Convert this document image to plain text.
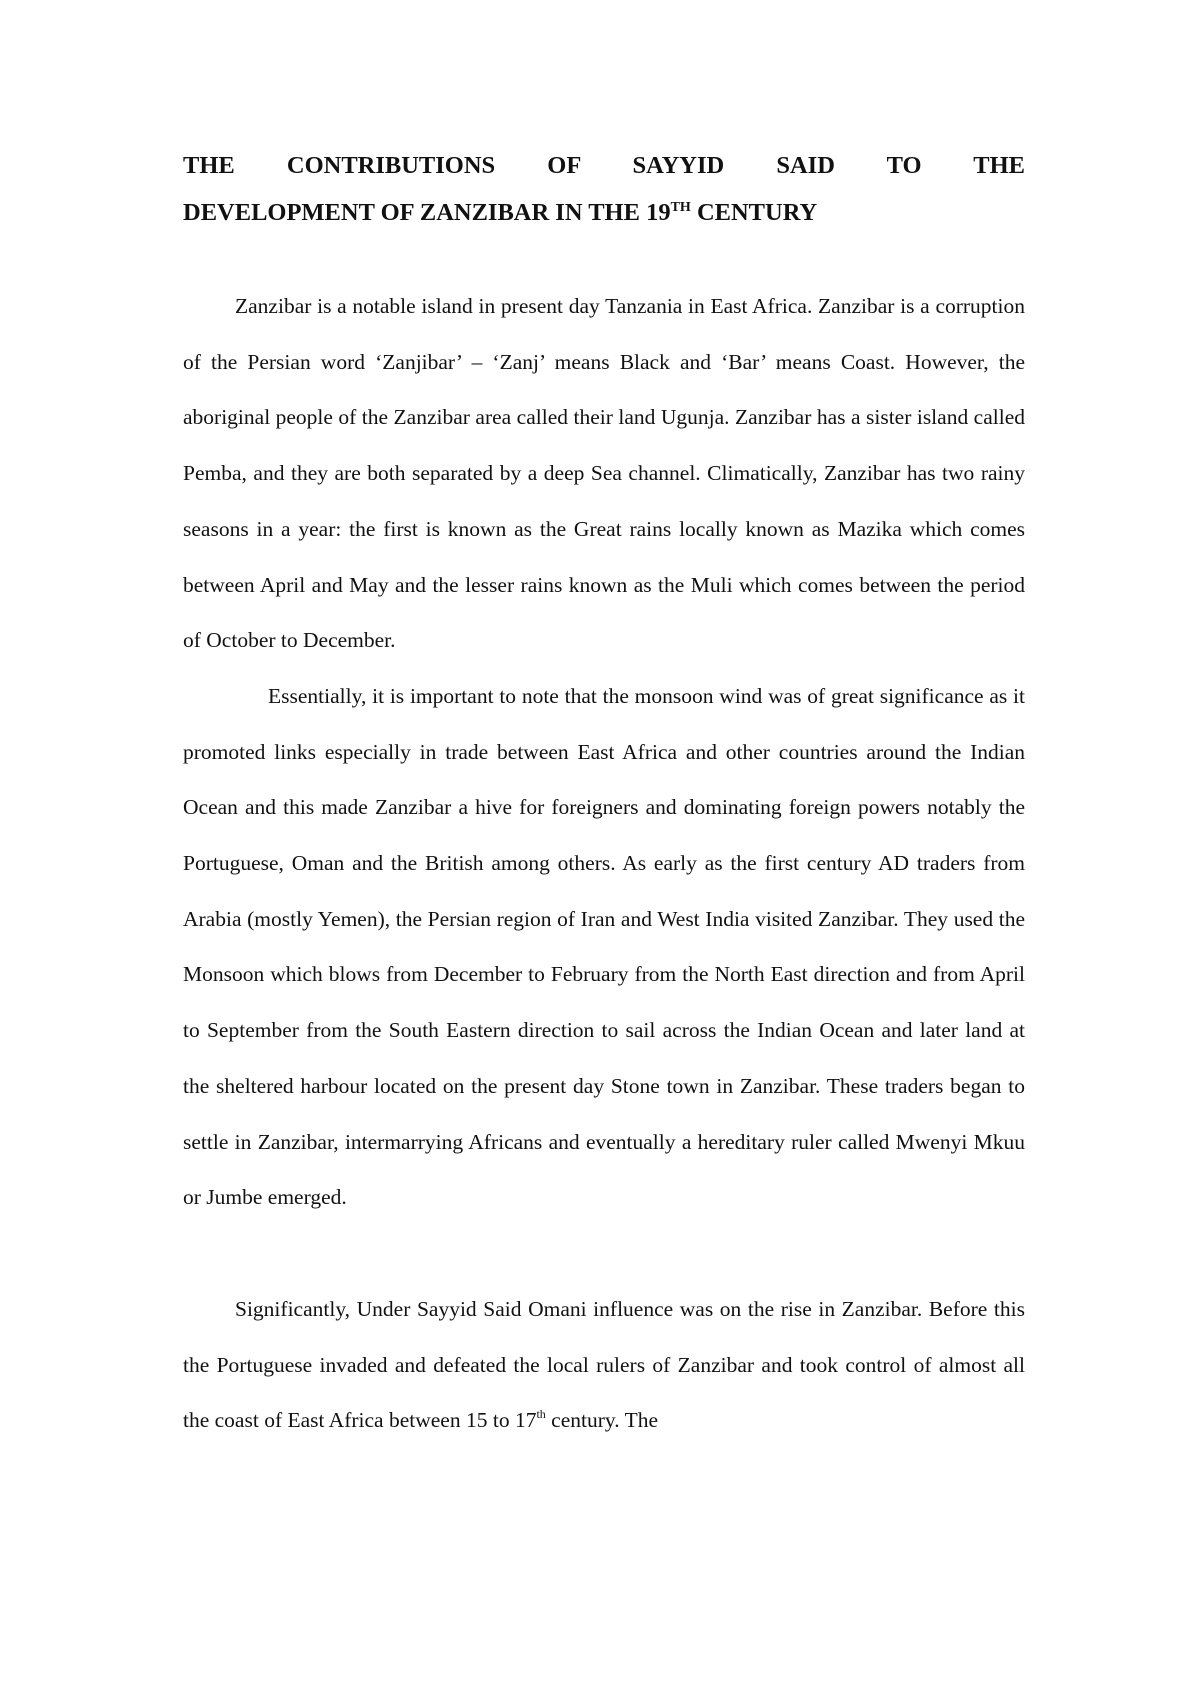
THE CONTRIBUTIONS OF SAYYID SAID TO THE
DEVELOPMENT OF ZANZIBAR IN THE 19TH CENTURY

Zanzibar is a notable island in present day Tanzania in East Africa. Zanzibar is a corruption of the Persian word ‘Zanjibar’ – ‘Zanj’ means Black and ‘Bar’ means Coast. However, the aboriginal people of the Zanzibar area called their land Ugunja. Zanzibar has a sister island called Pemba, and they are both separated by a deep Sea channel. Climatically, Zanzibar has two rainy seasons in a year: the first is known as the Great rains locally known as Mazika which comes between April and May and the lesser rains known as the Muli which comes between the period of October to December.

Essentially, it is important to note that the monsoon wind was of great significance as it promoted links especially in trade between East Africa and other countries around the Indian Ocean and this made Zanzibar a hive for foreigners and dominating foreign powers notably the Portuguese, Oman and the British among others. As early as the first century AD traders from Arabia (mostly Yemen), the Persian region of Iran and West India visited Zanzibar. They used the Monsoon which blows from December to February from the North East direction and from April to September from the South Eastern direction to sail across the Indian Ocean and later land at the sheltered harbour located on the present day Stone town in Zanzibar. These traders began to settle in Zanzibar, intermarrying Africans and eventually a hereditary ruler called Mwenyi Mkuu or Jumbe emerged.

Significantly, Under Sayyid Said Omani influence was on the rise in Zanzibar. Before this the Portuguese invaded and defeated the local rulers of Zanzibar and took control of almost all the coast of East Africa between 15 to 17th century. The
